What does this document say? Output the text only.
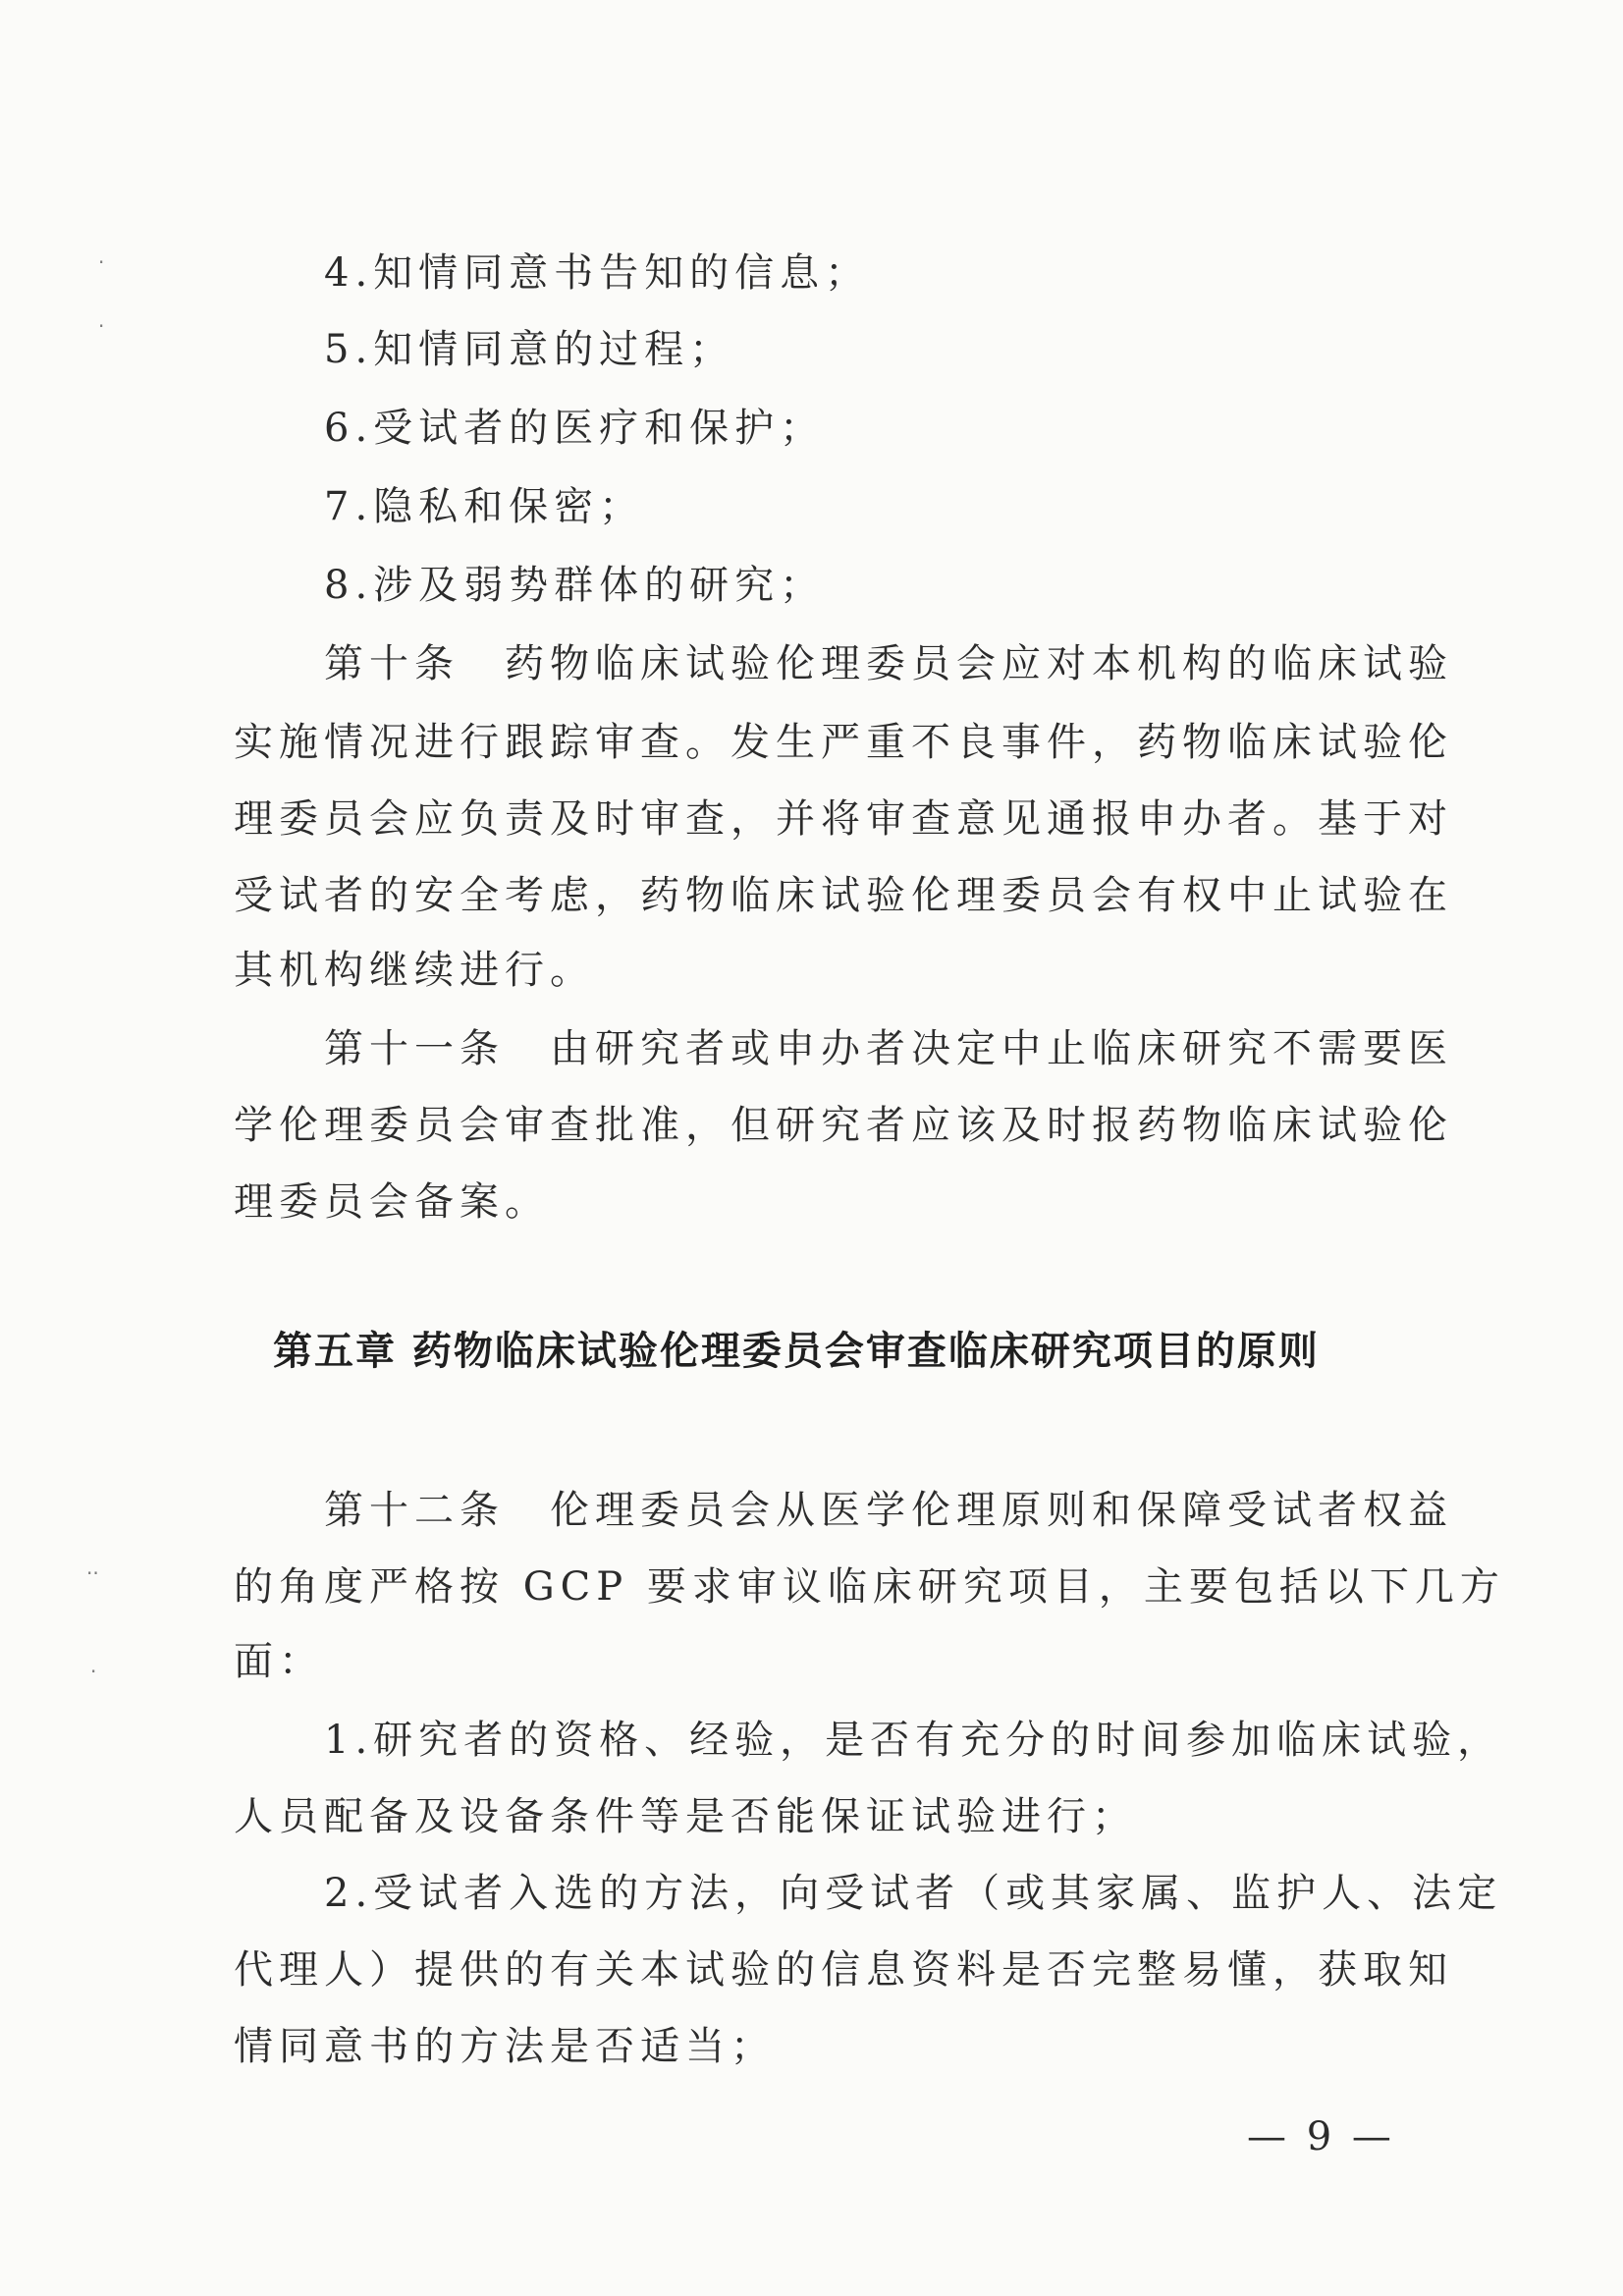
·
·
··
·
4.知情同意书告知的信息；
5.知情同意的过程；
6.受试者的医疗和保护；
7.隐私和保密；
8.涉及弱势群体的研究；
第十条　药物临床试验伦理委员会应对本机构的临床试验
实施情况进行跟踪审查。发生严重不良事件，药物临床试验伦
理委员会应负责及时审查，并将审查意见通报申办者。基于对
受试者的安全考虑，药物临床试验伦理委员会有权中止试验在
其机构继续进行。
第十一条　由研究者或申办者决定中止临床研究不需要医
学伦理委员会审查批准，但研究者应该及时报药物临床试验伦
理委员会备案。
第五章 药物临床试验伦理委员会审查临床研究项目的原则
第十二条　伦理委员会从医学伦理原则和保障受试者权益
的角度严格按 GCP 要求审议临床研究项目，主要包括以下几方
面：
1.研究者的资格、经验，是否有充分的时间参加临床试验，
人员配备及设备条件等是否能保证试验进行；
2.受试者入选的方法，向受试者（或其家属、监护人、法定
代理人）提供的有关本试验的信息资料是否完整易懂，获取知
情同意书的方法是否适当；
— 9 —
